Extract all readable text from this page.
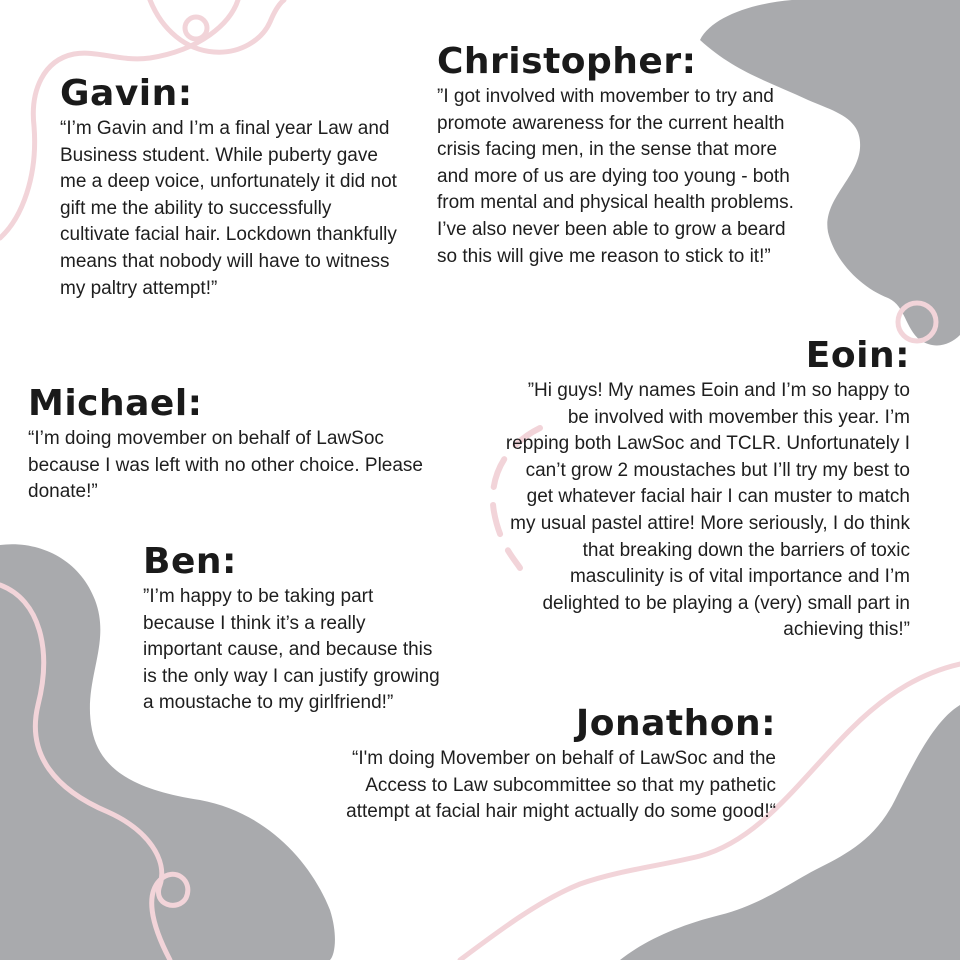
Gavin:

“I’m Gavin and I’m a final year Law and Business student. While puberty gave me a deep voice, unfortunately it did not gift me the ability to successfully cultivate facial hair. Lockdown thankfully means that nobody will have to witness my paltry attempt!”

Christopher:

”I got involved with movember to try and promote awareness for the current health crisis facing men, in the sense that more and more of us are dying too young - both from mental and physical health problems. I’ve also never been able to grow a beard so this will give me reason to stick to it!”

Eoin:

”Hi guys! My names Eoin and I’m so happy to be involved with movember this year. I’m repping both LawSoc and TCLR. Unfortunately I can’t grow 2 moustaches but I’ll try my best to get whatever facial hair I can muster to match my usual pastel attire! More seriously, I do think that breaking down the barriers of toxic masculinity is of vital importance and I’m delighted to be playing a (very) small part in achieving this!”

Michael:

“I’m doing movember on behalf of LawSoc because I was left with no other choice. Please donate!”

Ben:

”I’m happy to be taking part because I think it’s a really important cause, and because this is the only way I can justify growing a moustache to my girlfriend!”

Jonathon:

“I'm doing Movember on behalf of LawSoc and the Access to Law subcommittee so that my pathetic attempt at facial hair might actually do some good!“
